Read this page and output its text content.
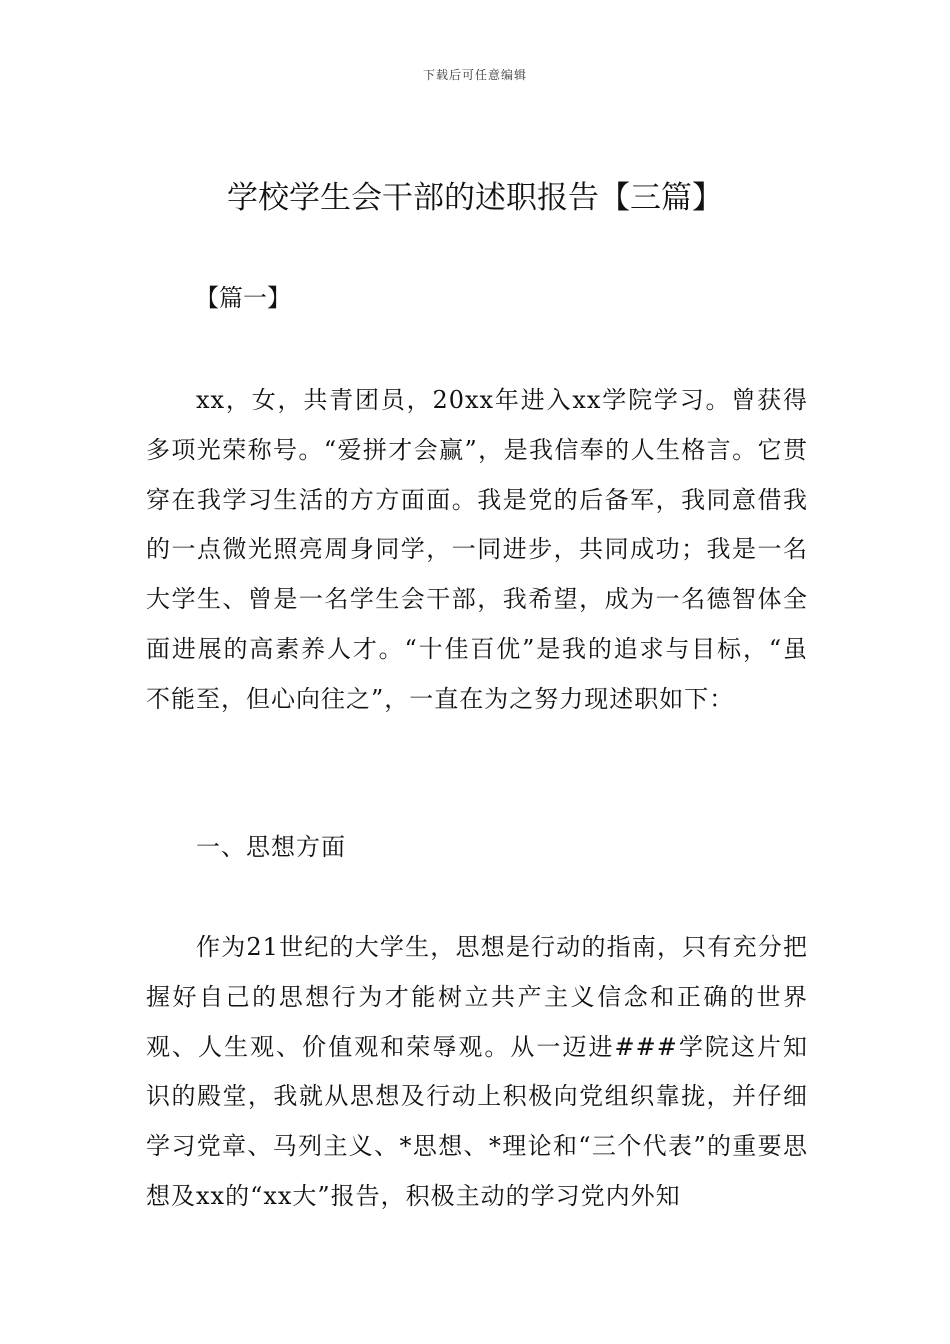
下载后可任意编辑
学校学生会干部的述职报告【三篇】
【篇一】

xx，女，共青团员，20xx年进入xx学院学习。曾获得多项光荣称号。“爱拼才会赢”，是我信奉的人生格言。它贯穿在我学习生活的方方面面。我是党的后备军，我同意借我的一点微光照亮周身同学，一同进步，共同成功；我是一名大学生、曾是一名学生会干部，我希望，成为一名德智体全面进展的高素养人才。“十佳百优”是我的追求与目标，“虽不能至，但心向往之”，一直在为之努力现述职如下：

一、思想方面

作为21世纪的大学生，思想是行动的指南，只有充分把握好自己的思想行为才能树立共产主义信念和正确的世界观、人生观、价值观和荣辱观。从一迈进###学院这片知识的殿堂，我就从思想及行动上积极向党组织靠拢，并仔细学习党章、马列主义、*思想、*理论和“三个代表”的重要思想及xx的“xx大”报告，积极主动的学习党内外知
